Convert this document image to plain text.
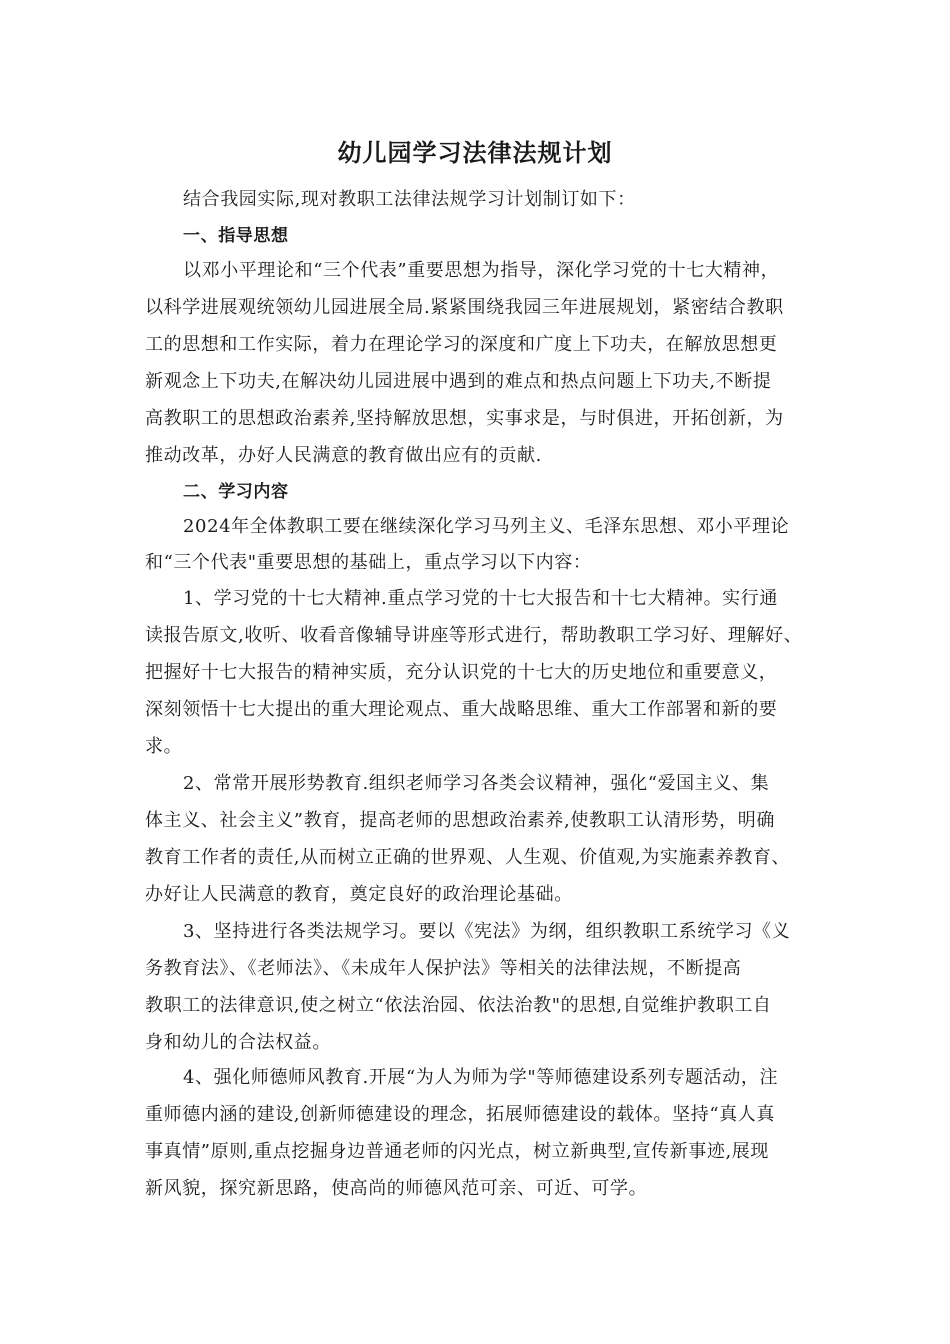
幼儿园学习法律法规计划
结合我园实际,现对教职工法律法规学习计划制订如下：
一、指导思想
以邓小平理论和“三个代表”重要思想为指导，深化学习党的十七大精神，
以科学进展观统领幼儿园进展全局.紧紧围绕我园三年进展规划，紧密结合教职
工的思想和工作实际，着力在理论学习的深度和广度上下功夫，在解放思想更
新观念上下功夫,在解决幼儿园进展中遇到的难点和热点问题上下功夫,不断提
高教职工的思想政治素养,坚持解放思想，实事求是，与时俱进，开拓创新，为
推动改革，办好人民满意的教育做出应有的贡献.
二、学习内容
2024年全体教职工要在继续深化学习马列主义、毛泽东思想、邓小平理论
和“三个代表"重要思想的基础上，重点学习以下内容：
1、学习党的十七大精神.重点学习党的十七大报告和十七大精神。实行通
读报告原文,收听、收看音像辅导讲座等形式进行，帮助教职工学习好、理解好、
把握好十七大报告的精神实质，充分认识党的十七大的历史地位和重要意义，
深刻领悟十七大提出的重大理论观点、重大战略思维、重大工作部署和新的要
求。
2、常常开展形势教育.组织老师学习各类会议精神，强化“爱国主义、集
体主义、社会主义”教育，提高老师的思想政治素养,使教职工认清形势，明确
教育工作者的责任,从而树立正确的世界观、人生观、价值观,为实施素养教育、
办好让人民满意的教育，奠定良好的政治理论基础。
3、坚持进行各类法规学习。要以《宪法》为纲，组织教职工系统学习《义
务教育法》、《老师法》、《未成年人保护法》等相关的法律法规，不断提高
教职工的法律意识,使之树立“依法治园、依法治教"的思想,自觉维护教职工自
身和幼儿的合法权益。
4、强化师德师风教育.开展“为人为师为学"等师德建设系列专题活动，注
重师德内涵的建设,创新师德建设的理念，拓展师德建设的载体。坚持“真人真
事真情”原则,重点挖掘身边普通老师的闪光点，树立新典型,宣传新事迹,展现
新风貌，探究新思路，使高尚的师德风范可亲、可近、可学。
